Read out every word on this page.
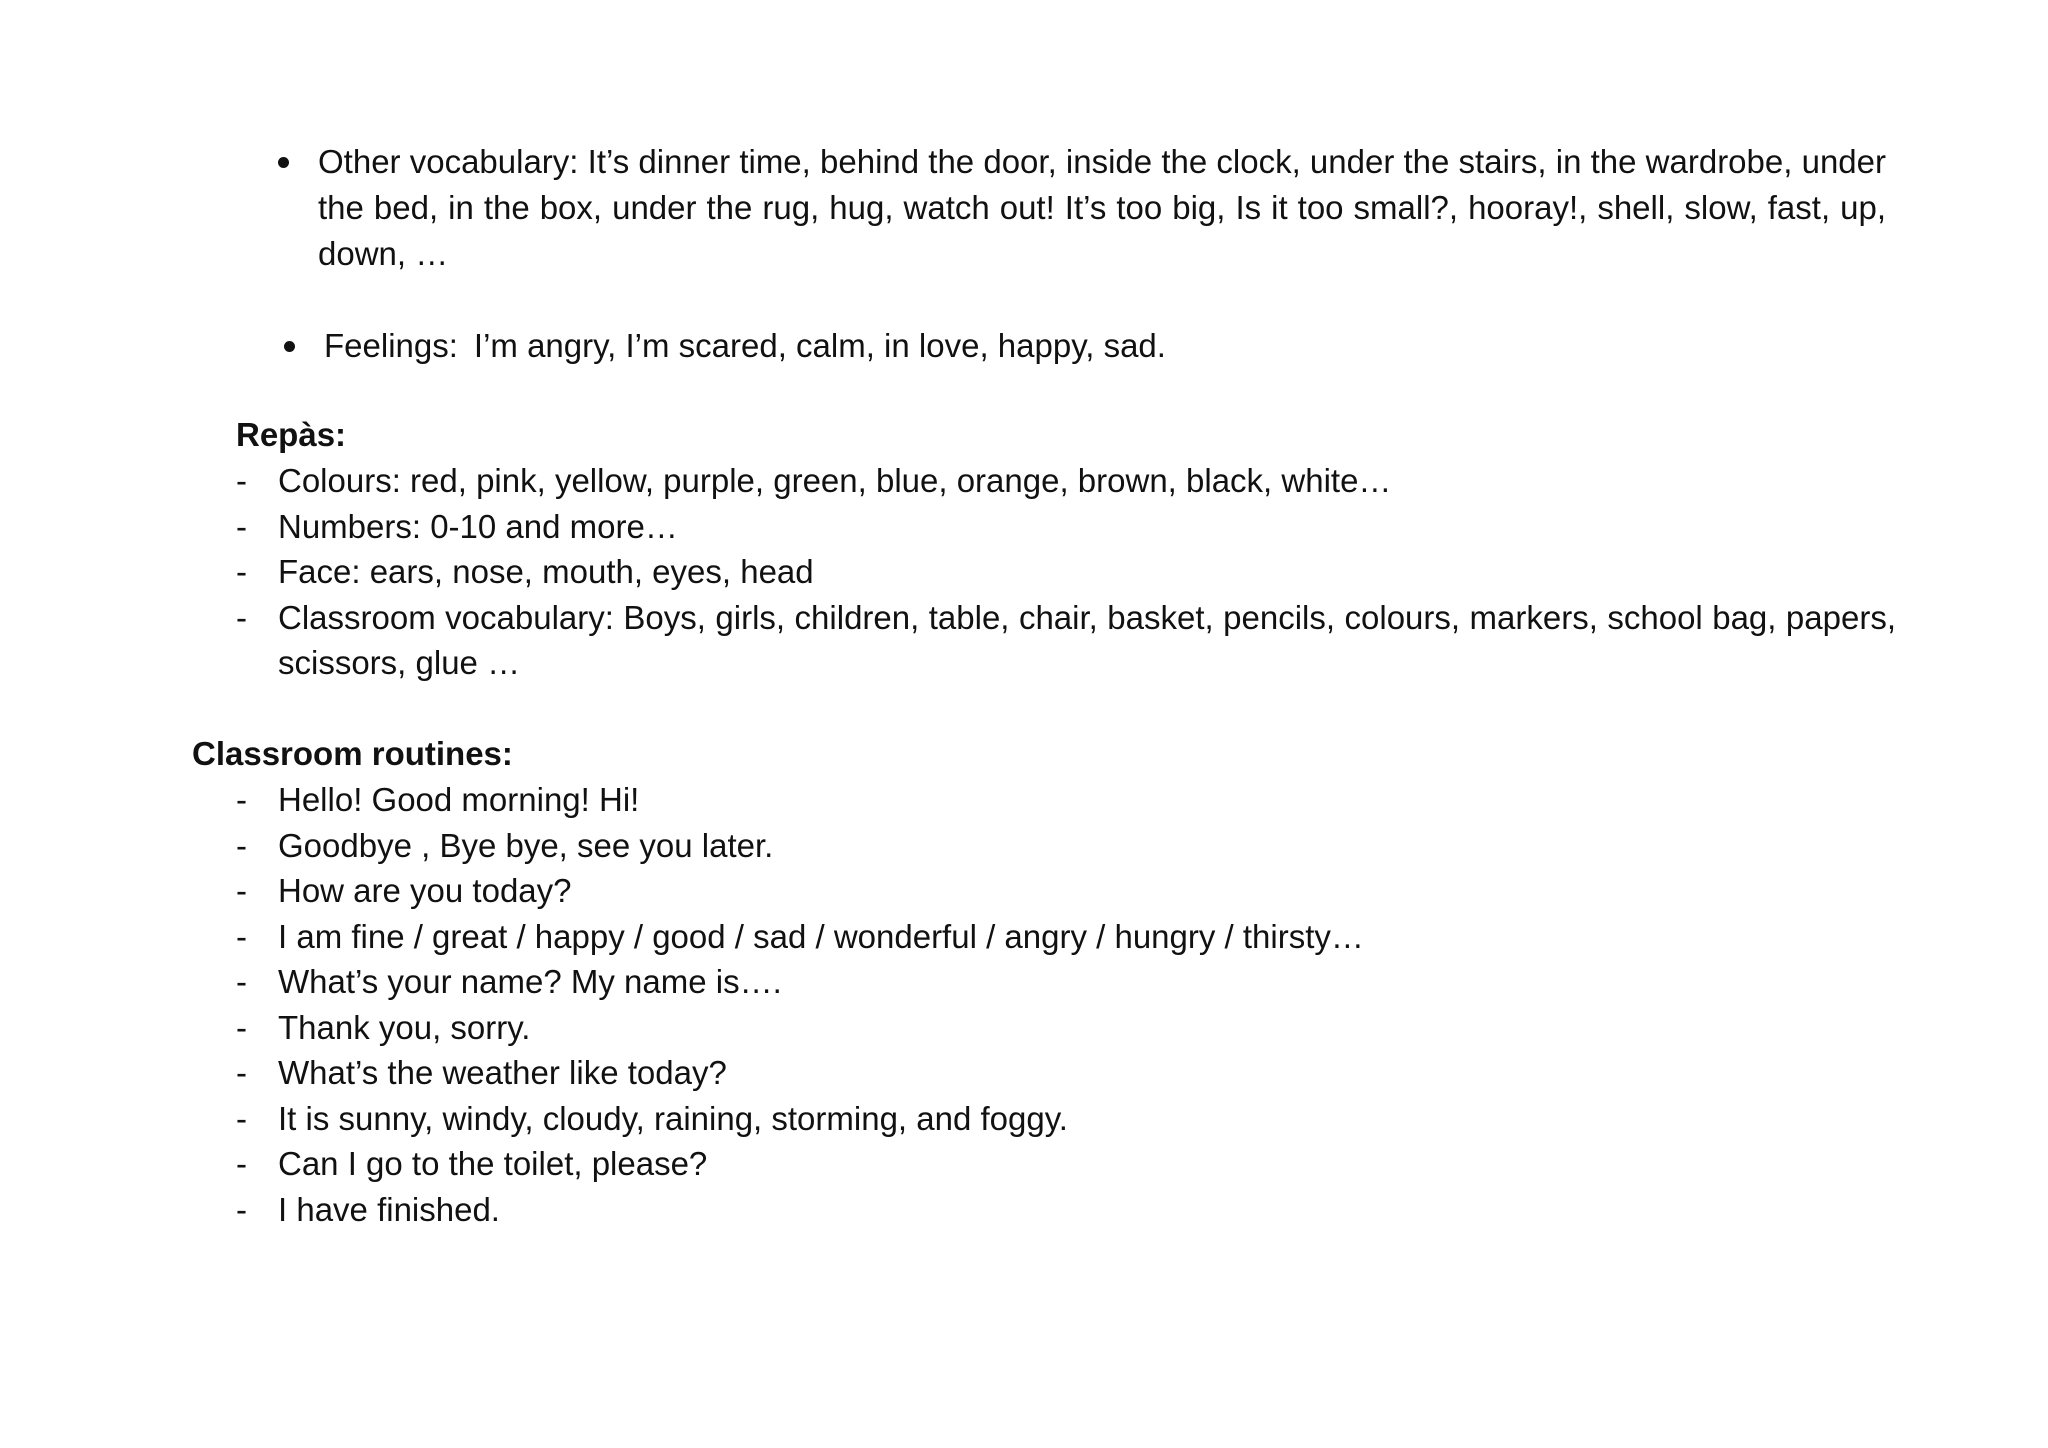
Other vocabulary: It’s dinner time, behind the door, inside the clock, under the stairs, in the wardrobe, under the bed, in the box, under the rug, hug, watch out! It’s too big, Is it too small?, hooray!, shell, slow, fast, up, down, …
Feelings: I’m angry, I’m scared, calm, in love, happy, sad.
Repàs:
- Colours: red, pink, yellow, purple, green, blue, orange, brown, black, white…
- Numbers: 0-10 and more…
- Face: ears, nose, mouth, eyes, head
- Classroom vocabulary: Boys, girls, children, table, chair, basket, pencils, colours, markers, school bag, papers, scissors, glue …
Classroom routines:
- Hello! Good morning! Hi!
- Goodbye , Bye bye, see you later.
- How are you today?
- I am fine / great / happy / good / sad / wonderful / angry / hungry / thirsty…
- What’s your name? My name is….
- Thank you, sorry.
- What’s the weather like today?
- It is sunny, windy, cloudy, raining, storming, and foggy.
- Can I go to the toilet, please?
- I have finished.
